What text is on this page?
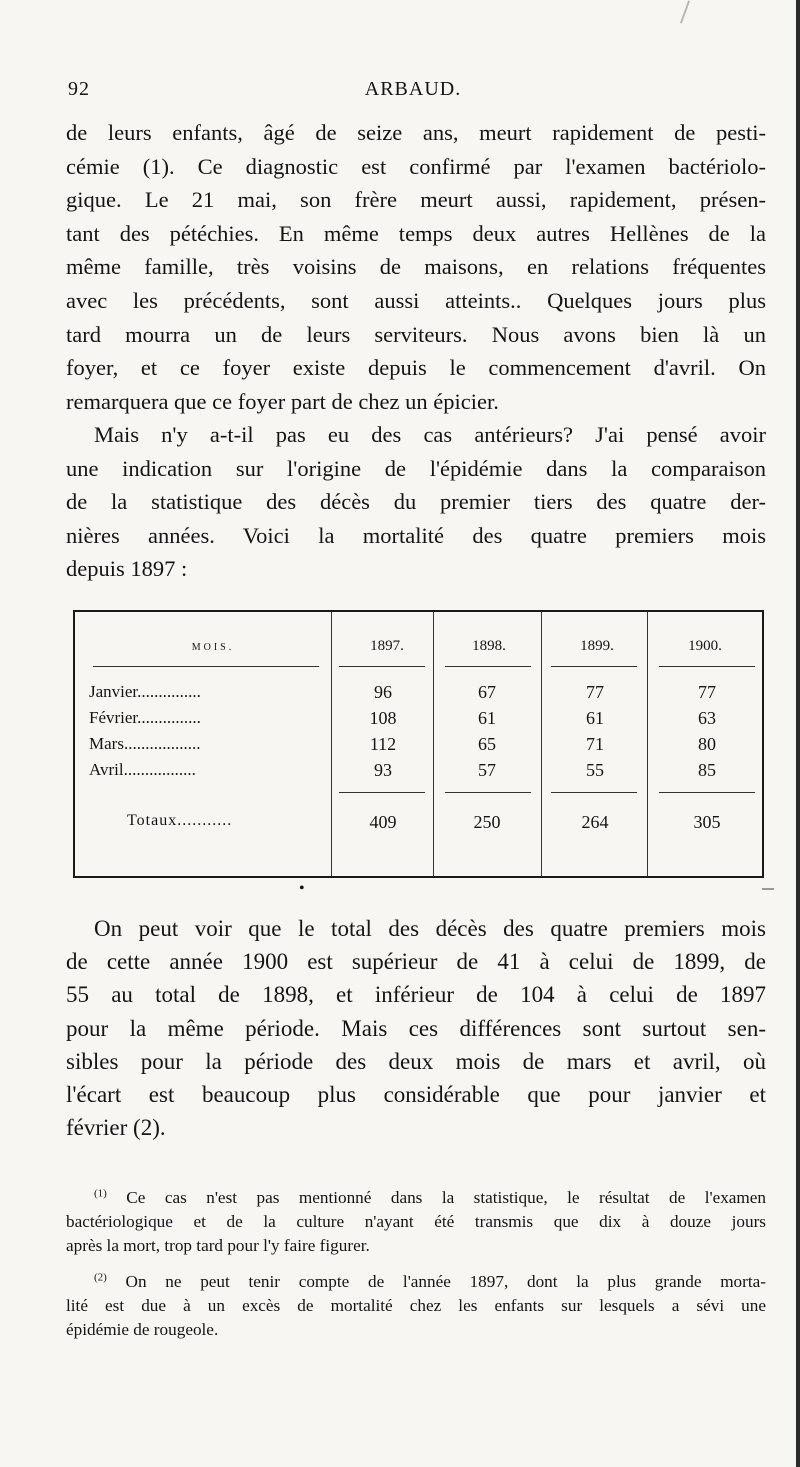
92	ARBAUD.
de leurs enfants, âgé de seize ans, meurt rapidement de pesti-
cémie (1). Ce diagnostic est confirmé par l'examen bactériolo-
gique. Le 21 mai, son frère meurt aussi, rapidement, présen-
tant des pétéchies. En même temps deux autres Hellènes de la
même famille, très voisins de maisons, en relations fréquentes
avec les précédents, sont aussi atteints.. Quelques jours plus
tard mourra un de leurs serviteurs. Nous avons bien là un
foyer, et ce foyer existe depuis le commencement d'avril. On
remarquera que ce foyer part de chez un épicier.
Mais n'y a-t-il pas eu des cas antérieurs? J'ai pensé avoir
une indication sur l'origine de l'épidémie dans la comparaison
de la statistique des décès du premier tiers des quatre der-
nières années. Voici la mortalité des quatre premiers mois
depuis 1897 :
MOIS.	1897.	1898.	1899.	1900.
Janvier...............	96	67	77	77
Février...............	108	61	61	63
Mars..................	112	65	71	80
Avril.................	93	57	55	85
Totaux...........	409	250	264	305
•
On peut voir que le total des décès des quatre premiers mois
de cette année 1900 est supérieur de 41 à celui de 1899, de
55 au total de 1898, et inférieur de 104 à celui de 1897
pour la même période. Mais ces différences sont surtout sen-
sibles pour la période des deux mois de mars et avril, où
l'écart est beaucoup plus considérable que pour janvier et
février (2).
$^{(1)}$ Ce cas n'est pas mentionné dans la statistique, le résultat de l'examen
bactériologique et de la culture n'ayant été transmis que dix à douze jours
après la mort, trop tard pour l'y faire figurer.
$^{(2)}$ On ne peut tenir compte de l'année 1897, dont la plus grande morta-
lité est due à un excès de mortalité chez les enfants sur lesquels a sévi une
épidémie de rougeole.
